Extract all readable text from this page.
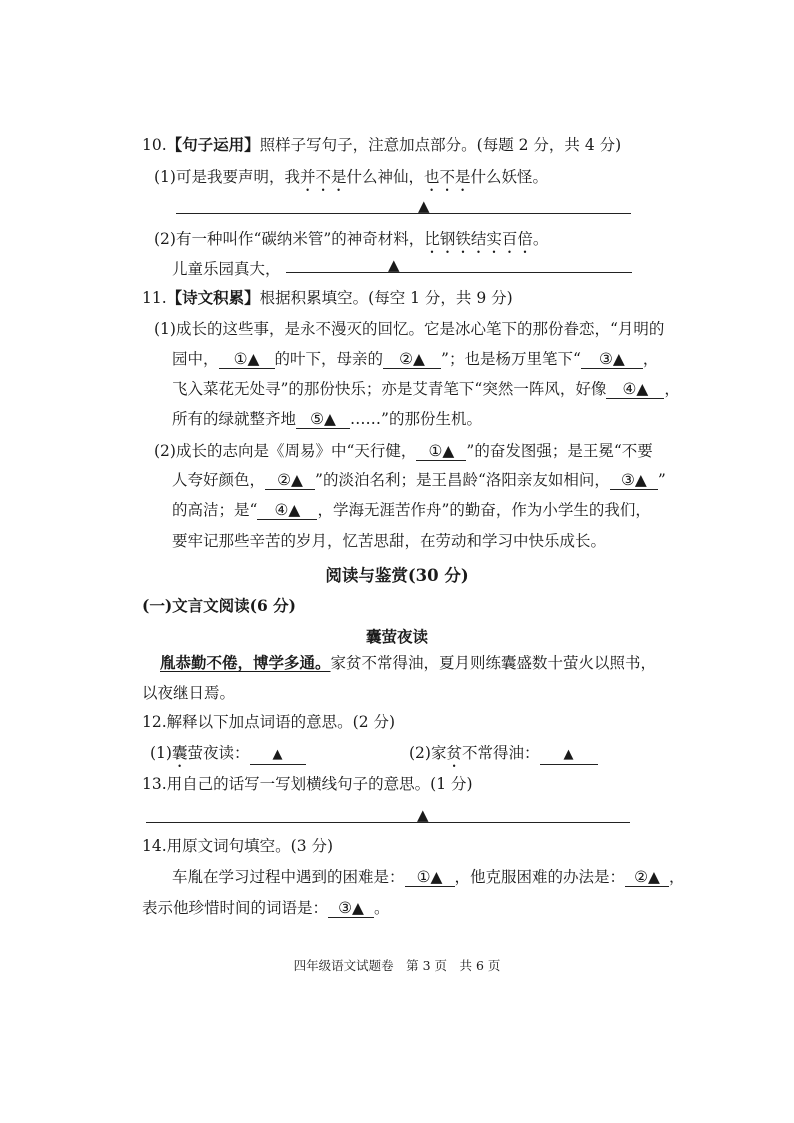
10.【句子运用】照样子写句子，注意加点部分。(每题 2 分，共 4 分)
(1)可是我要声明，我并不是什么神仙，也不是什么妖怪。
▲
(2)有一种叫作“碳纳米管”的神奇材料，比钢铁结实百倍。
儿童乐园真大，	▲
11.【诗文积累】根据积累填空。(每空 1 分，共 9 分)
(1)成长的这些事，是永不漫灭的回忆。它是冰心笔下的那份眷恋，“月明的
园中， ①▲ 的叶下，母亲的 ②▲ ”；也是杨万里笔下“ ③▲ ，
飞入菜花无处寻”的那份快乐；亦是艾青笔下“突然一阵风，好像 ④▲ ，
所有的绿就整齐地 ⑤▲ ……”的那份生机。
(2)成长的志向是《周易》中“天行健， ①▲ ”的奋发图强；是王冕“不要
人夸好颜色， ②▲ ”的淡泊名利；是王昌龄“洛阳亲友如相问， ③▲ ”
的高洁；是“ ④▲ ，学海无涯苦作舟”的勤奋，作为小学生的我们，
要牢记那些辛苦的岁月，忆苦思甜，在劳动和学习中快乐成长。
阅读与鉴赏(30 分)
(一)文言文阅读(6 分)
囊萤夜读
胤恭勤不倦，博学多通。家贫不常得油，夏月则练囊盛数十萤火以照书，
以夜继日焉。
12.解释以下加点词语的意思。(2 分)
(1)囊萤夜读： ▲	(2)家贫不常得油： ▲
13.用自己的话写一写划横线句子的意思。(1 分)
▲
14.用原文词句填空。(3 分)
车胤在学习过程中遇到的困难是： ①▲ ，他克服困难的办法是： ②▲ ，
表示他珍惜时间的词语是： ③▲ 。
四年级语文试题卷　第 3 页　共 6 页
